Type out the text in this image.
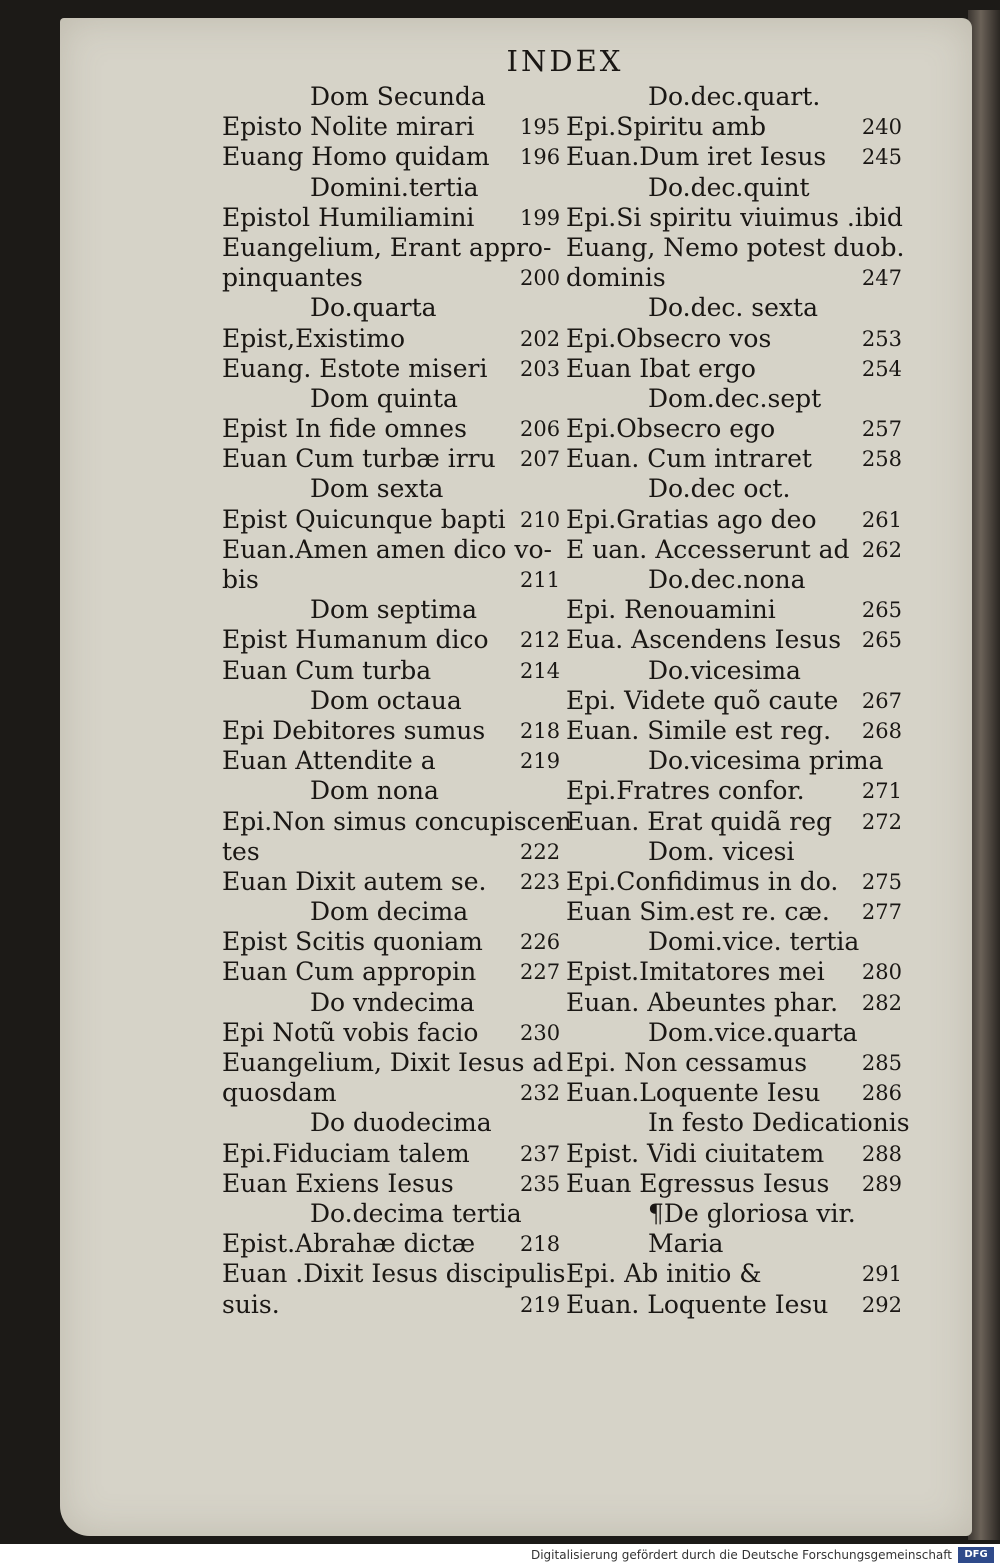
INDEX
Dom Secunda
Episto Nolite mirari 195
Euang Homo quidam 196
Domini.tertia
Epistol Humiliamini 199
Euangelium, Erant appro-
pinquantes	200
Do.quarta
Epist,Existimo	202
Euang. Estote miseri 203
Dom quinta
Epist In fide omnes	206
Euan Cum turbæ irru 207
Dom sexta
Epist Quicunque bapti 210
Euan.Amen amen dico vo-
bis	211
Dom septima
Epist Humanum dico 212
Euan Cum turba	214
Dom octaua
Epi Debitores sumus 218
Euan Attendite a	219
Dom nona
Epi.Non simus concupiscen
tes	222
Euan Dixit autem se. 223
Dom decima
Epist Scitis quoniam 226
Euan Cum appropin 227
Do vndecima
Epi Notũ vobis facio 230
Euangelium, Dixit Iesus ad
quosdam	232
Do duodecima
Epi.Fiduciam talem 237
Euan Exiens Iesus	235
Do.decima tertia
Epist.Abrahæ dictæ 218
Euan .Dixit Iesus discipulis
suis.	219
Do.dec.quart.
Epi.Spiritu amb	240
Euan.Dum iret Iesus 245
Do.dec.quint
Epi.Si spiritu viuimus .ibid
Euang, Nemo potest duob.
dominis	247
Do.dec. sexta
Epi.Obsecro vos	253
Euan Ibat ergo	254
Dom.dec.sept
Epi.Obsecro ego	257
Euan. Cum intraret 258
Do.dec oct.
Epi.Gratias ago deo 261
E uan. Accesserunt ad 262
Do.dec.nona
Epi. Renouamini	265
Eua. Ascendens Iesus 265
Do.vicesima
Epi. Videte quõ caute 267
Euan. Simile est reg. 268
Do.vicesima prima
Epi.Fratres confor.	271
Euan. Erat quidã reg 272
Dom. vicesi
Epi.Confidimus in do. 275
Euan Sim.est re. cæ. 277
Domi.vice. tertia
Epist.Imitatores mei 280
Euan. Abeuntes phar. 282
Dom.vice.quarta
Epi. Non cessamus	285
Euan.Loquente Iesu 286
In festo Dedicationis
Epist. Vidi ciuitatem 288
Euan Egressus Iesus 289
¶De gloriosa vir.
Maria
Epi. Ab initio &	291
Euan. Loquente Iesu 292
Digitalisierung gefördert durch die Deutsche Forschungsgemeinschaft	DFG
